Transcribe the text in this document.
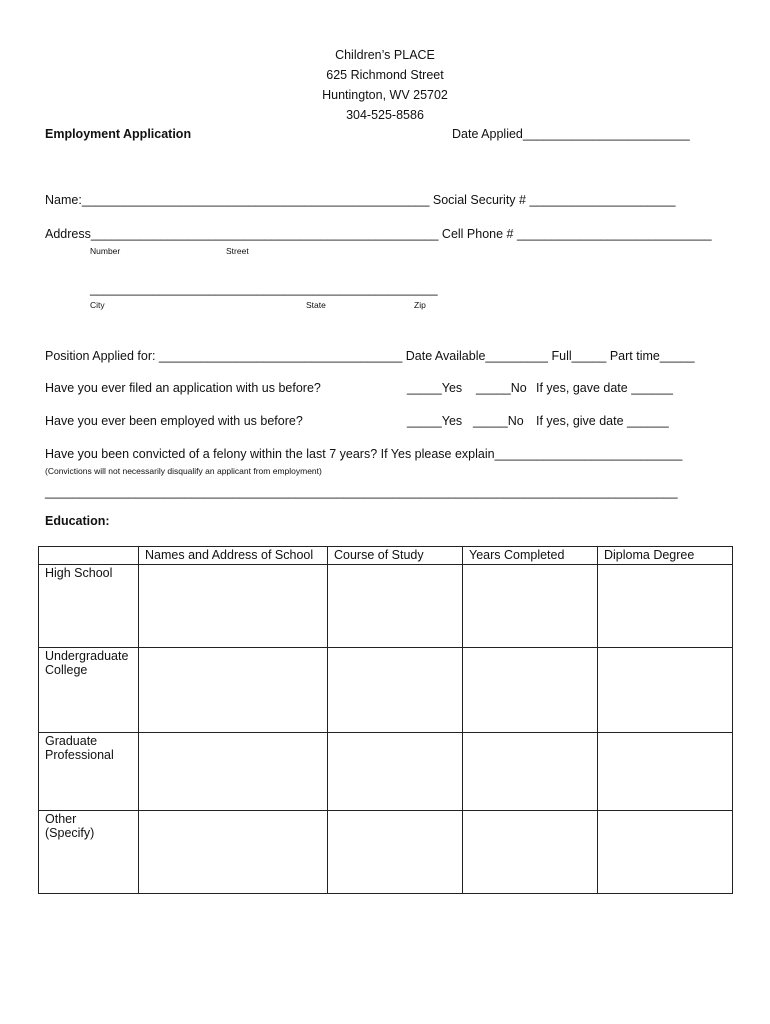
Children’s PLACE
625 Richmond Street
Huntington, WV 25702
304-525-8586
Employment Application	Date Applied________________________
Name:__________________________________________________ Social Security # _____________________
Address__________________________________________________ Cell Phone # ____________________________
Number	Street
__________________________________________________
City	State	Zip
Position Applied for: ___________________________________ Date Available_________ Full_____ Part time_____
Have you ever filed an application with us before?	_____Yes _____No If yes, gave date ______
Have you ever been employed with us before?	_____Yes _____No If yes, give date ______
Have you been convicted of a felony within the last 7 years? If Yes please explain___________________________
(Convictions will not necessarily disqualify an applicant from employment)
___________________________________________________________________________________________
Education:
	Names and Address of School	Course of Study	Years Completed	Diploma Degree

High School				

Undergraduate
College				

Graduate
Professional				

Other
(Specify)				
